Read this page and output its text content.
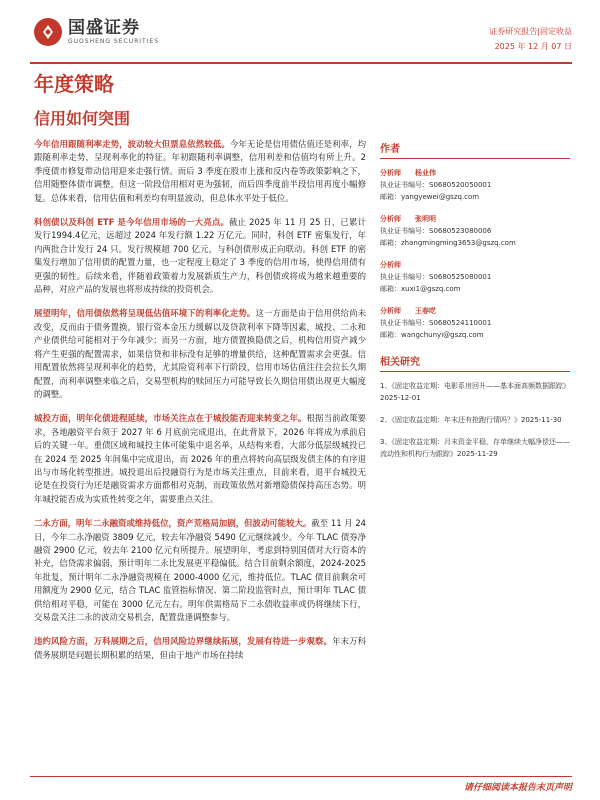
国盛证券
GUOSHENG SECURITIES
证券研究报告|固定收益
2025 年 12 月 07 日
年度策略
信用如何突围

今年信用跟随利率走势，波动较大但票息依然较低。今年无论是信用债估值还是利率，均跟随利率走势，呈现利率化的特征。年初跟随利率调整，信用利差和估值均有所上升。2 季度债市修复带动信用迎来走强行情。而后 3 季度在股市上涨和反内卷等政策影响之下，信用随整体债市调整，但这一阶段信用相对更为强韧，而后四季度前半段信用再度小幅修复。总体来看，信用估值和利差均有明显波动，但总体水平处于低位。

科创债以及科创 ETF 是今年信用市场的一大亮点。截止 2025 年 11 月 25 日，已累计发行1994.4亿元，远超过 2024 年发行额 1.22 万亿元。同时，科创 ETF 密集发行，年内两批合计发行 24 只。发行规模超 700 亿元，与科创债形成正向联动。科创 ETF 的密集发行增加了信用债的配置力量，也一定程度上稳定了 3 季度的信用市场，使得信用债有更强的韧性。后续来看，伴随着政策着力发展新质生产力，科创债或将成为越来越重要的品种，对应产品的发展也将形成持续的投资机会。

展望明年，信用债依然将呈现低估值环境下的利率化走势。这一方面是由于信用供给尚未改变，反而由于债务置换，银行资本金压力缓解以及贷款利率下降等因素，城投、二永和产业债供给可能相对于今年减少；而另一方面，地方债置换隐债之后，机构信用资产减少将产生更强的配置需求，如果信贷和非标没有足够的增量供给，这种配置需求会更强。信用配置依然将呈现利率化的趋势，尤其险资利率下行阶段，信用市场估值注往会拉长久期配置，而利率调整来临之后，交易型机构的赎回压力可能导致长久期信用债出现更大幅度的调整。

城投方面，明年化债进程延续，市场关注点在于城投能否迎来转变之年。根据当前政策要求，各地融资平台须于 2027 年 6 月底前完成退出，在此背景下，2026 年将成为承前启后的关键一年。重债区域和城投主体可能集中退名单，从结构来看，大部分低层级城投已在 2024 至 2025 年间集中完成退出，而 2026 年的重点将转向高层级发债主体的有序退出与市场化转型推进。城投退出后投融资行为是市场关注重点，目前来看，退平台城投无论是在投资行为还是融资需求方面都相对克制，而政策依然对新增隐债保持高压态势。明年城投能否成为实质性转变之年，需要重点关注。

二永方面，明年二永融资或维持低位，资产荒格局加剧，但波动可能较大。截至 11 月 24 日，今年二永净融资 3809 亿元，较去年净融资 5490 亿元继续减少。今年 TLAC 债券净融资 2900 亿元，较去年 2100 亿元有所提升。展望明年，考虑到特别国债对大行资本的补充，信贷需求偏弱，预计明年二永比发展更平稳偏低。结合目前剩余额度，2024-2025 年批复，预计明年二永净融资规模在 2000-4000 亿元，维持低位。TLAC 债目前剩余可用额度为 2900 亿元，结合 TLAC 监管指标情况、第二阶段监管时点，预计明年 TLAC 债供给相对平稳，可能在 3000 亿元左右。明年供需格局下二永债收益率或仍将继续下行，交易盘关注二永的波动交易机会，配置盘逢调整参与。

违约风险方面，万科展期之后，信用风险边界继续拓展，发展有待进一步观察。年末万科债务展期是问题长期积累的结果，但由于地产市场在持续

作者
分析师 杨业伟
执业证书编号：S0680520050001
邮箱：yangyewei@gszq.com
分析师 张明明
执业证书编号：S0680523080006
邮箱：zhangmingming3653@gszq.com
分析师
执业证书编号：S0680525080001
邮箱：xuxi1@gszq.com
分析师 王春呓
执业证书编号：S0680524110001
邮箱：wangchunyi@gszq.com
相关研究
1、《固定收益定期：电影系房回升——基本面高频数据跟踪》2025-12-01
2、《固定收益定期：年末还有抢跑行情吗？》2025-11-30
3、《固定收益定期：月末资金平稳，存单继续大幅净偿还——流动性和机构行为跟踪》2025-11-29
请仔细阅读本报告末页声明
